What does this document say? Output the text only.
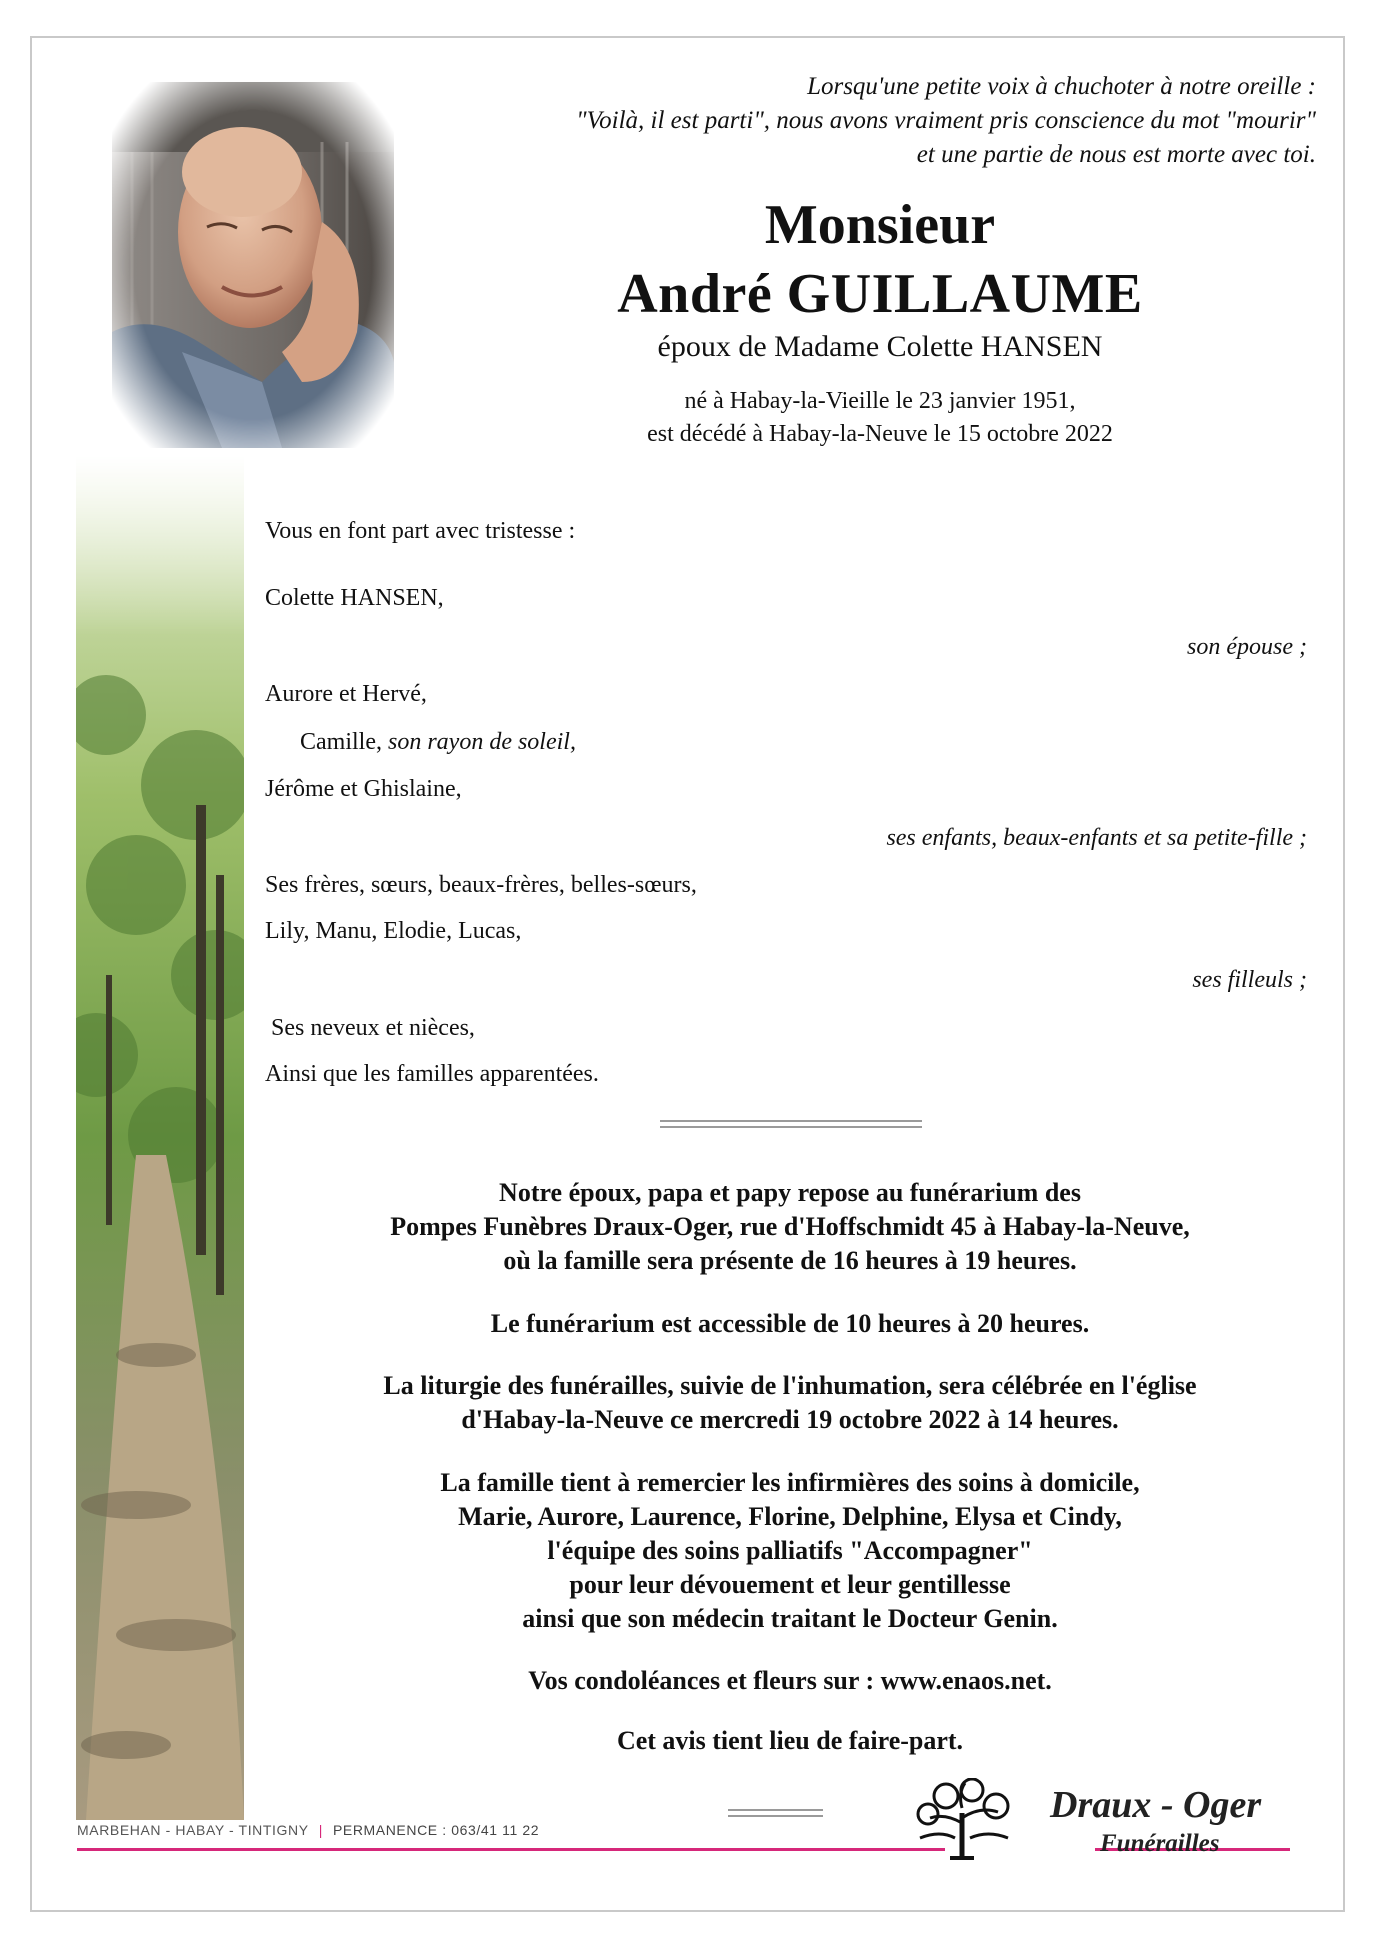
Lorsqu'une petite voix à chuchoter à notre oreille :
"Voilà, il est parti", nous avons vraiment pris conscience du mot "mourir"
et une partie de nous est morte avec toi.
Monsieur
André GUILLAUME
époux de Madame Colette HANSEN
né à Habay-la-Vieille le 23 janvier 1951,
est décédé à Habay-la-Neuve le 15 octobre 2022
Vous en font part avec tristesse :
Colette HANSEN,
son épouse ;
Aurore et Hervé,
Camille, son rayon de soleil,
Jérôme et Ghislaine,
ses enfants, beaux-enfants et sa petite-fille ;
Ses frères, sœurs, beaux-frères, belles-sœurs,
Lily, Manu, Elodie, Lucas,
ses filleuls ;
Ses neveux et nièces,
Ainsi que les familles apparentées.
Notre époux, papa et papy repose au funérarium des
Pompes Funèbres Draux-Oger, rue d'Hoffschmidt 45 à Habay-la-Neuve,
où la famille sera présente de 16 heures à 19 heures.
Le funérarium est accessible de 10 heures à 20 heures.
La liturgie des funérailles, suivie de l'inhumation, sera célébrée en l'église
d'Habay-la-Neuve ce mercredi 19 octobre 2022 à 14 heures.
La famille tient à remercier les infirmières des soins à domicile,
Marie, Aurore, Laurence, Florine, Delphine, Elysa et Cindy,
l'équipe des soins palliatifs "Accompagner"
pour leur dévouement et leur gentillesse
ainsi que son médecin traitant le Docteur Genin.
Vos condoléances et fleurs sur : www.enaos.net.
Cet avis tient lieu de faire-part.
MARBEHAN - HABAY - TINTIGNY | PERMANENCE : 063/41 11 22
Draux - Oger
Funérailles
